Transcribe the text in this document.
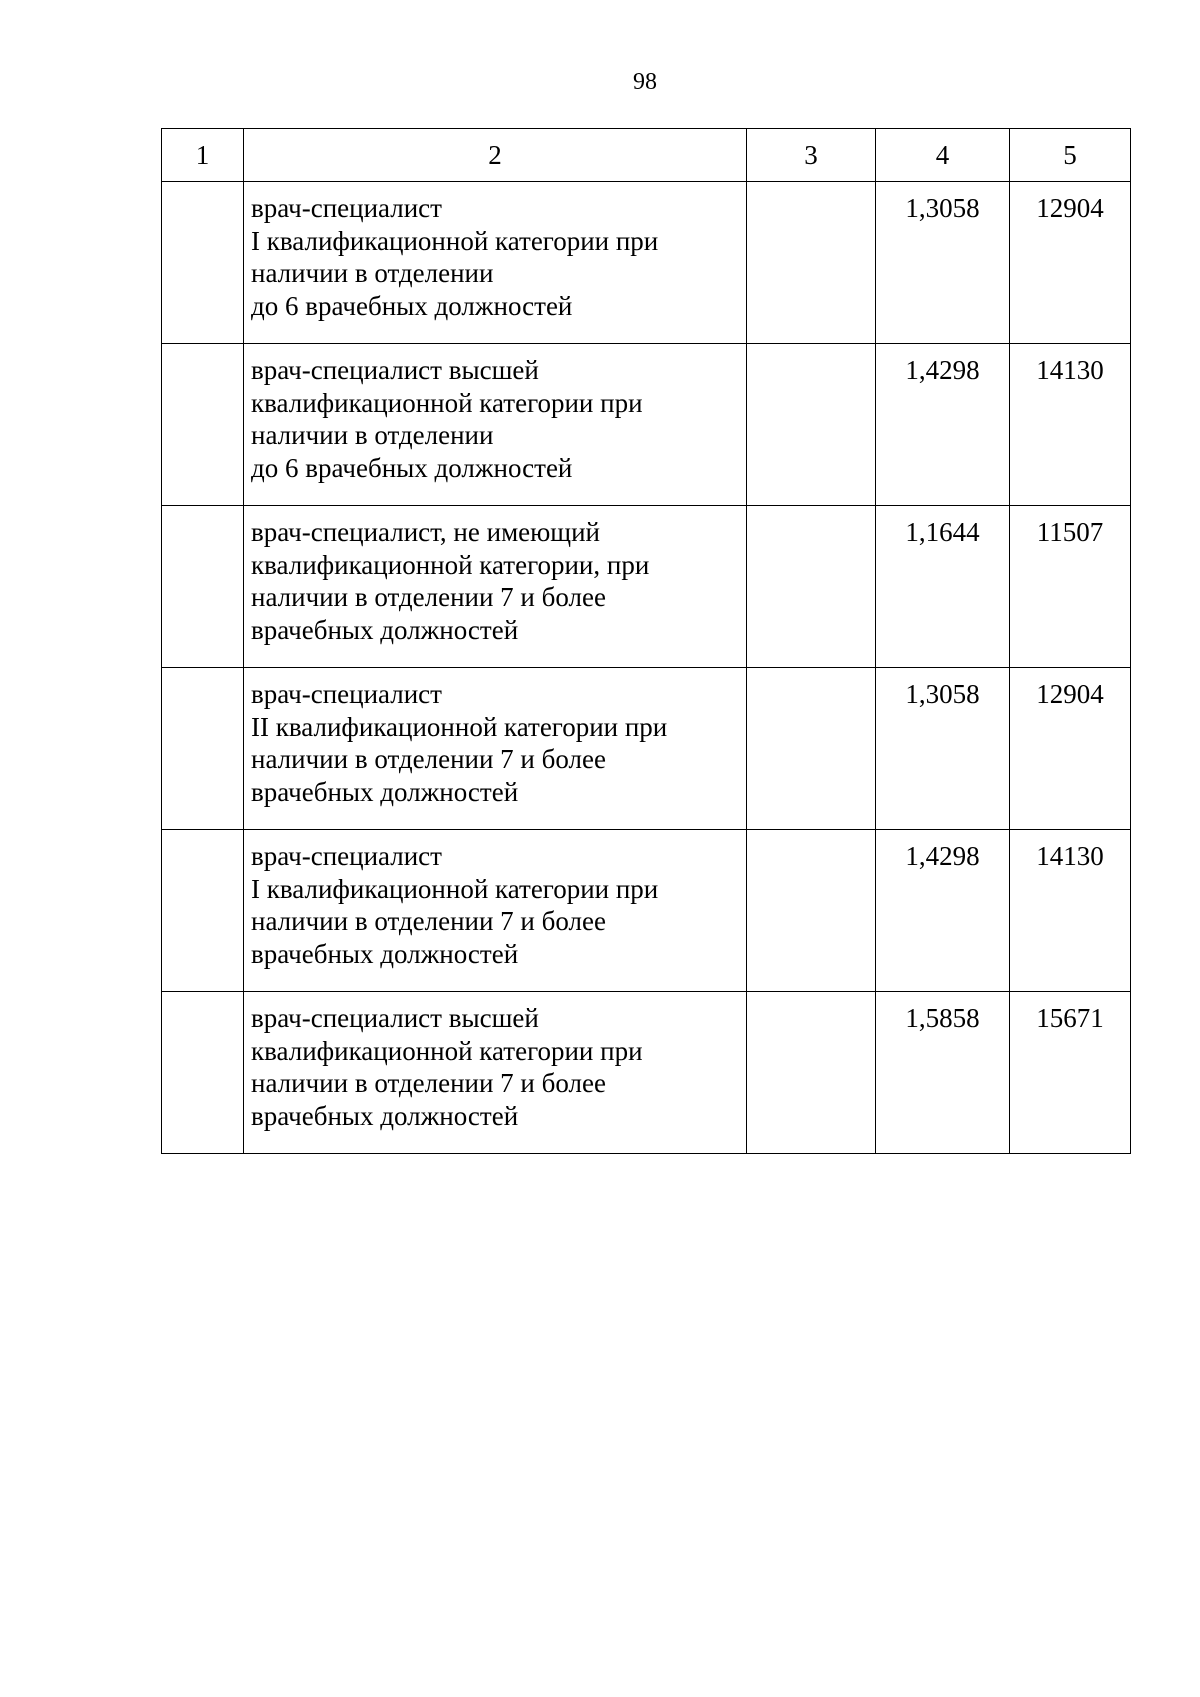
98
1	2	3	4	5
	врач-специалист
I квалификационной категории при
наличии в отделении
до 6 врачебных должностей		1,3058	12904
	врач-специалист высшей
квалификационной категории при
наличии в отделении
до 6 врачебных должностей		1,4298	14130
	врач-специалист, не имеющий
квалификационной категории, при
наличии в отделении 7 и более
врачебных должностей		1,1644	11507
	врач-специалист
II квалификационной категории при
наличии в отделении 7 и более
врачебных должностей		1,3058	12904
	врач-специалист
I квалификационной категории при
наличии в отделении 7 и более
врачебных должностей		1,4298	14130
	врач-специалист высшей
квалификационной категории при
наличии в отделении 7 и более
врачебных должностей		1,5858	15671
